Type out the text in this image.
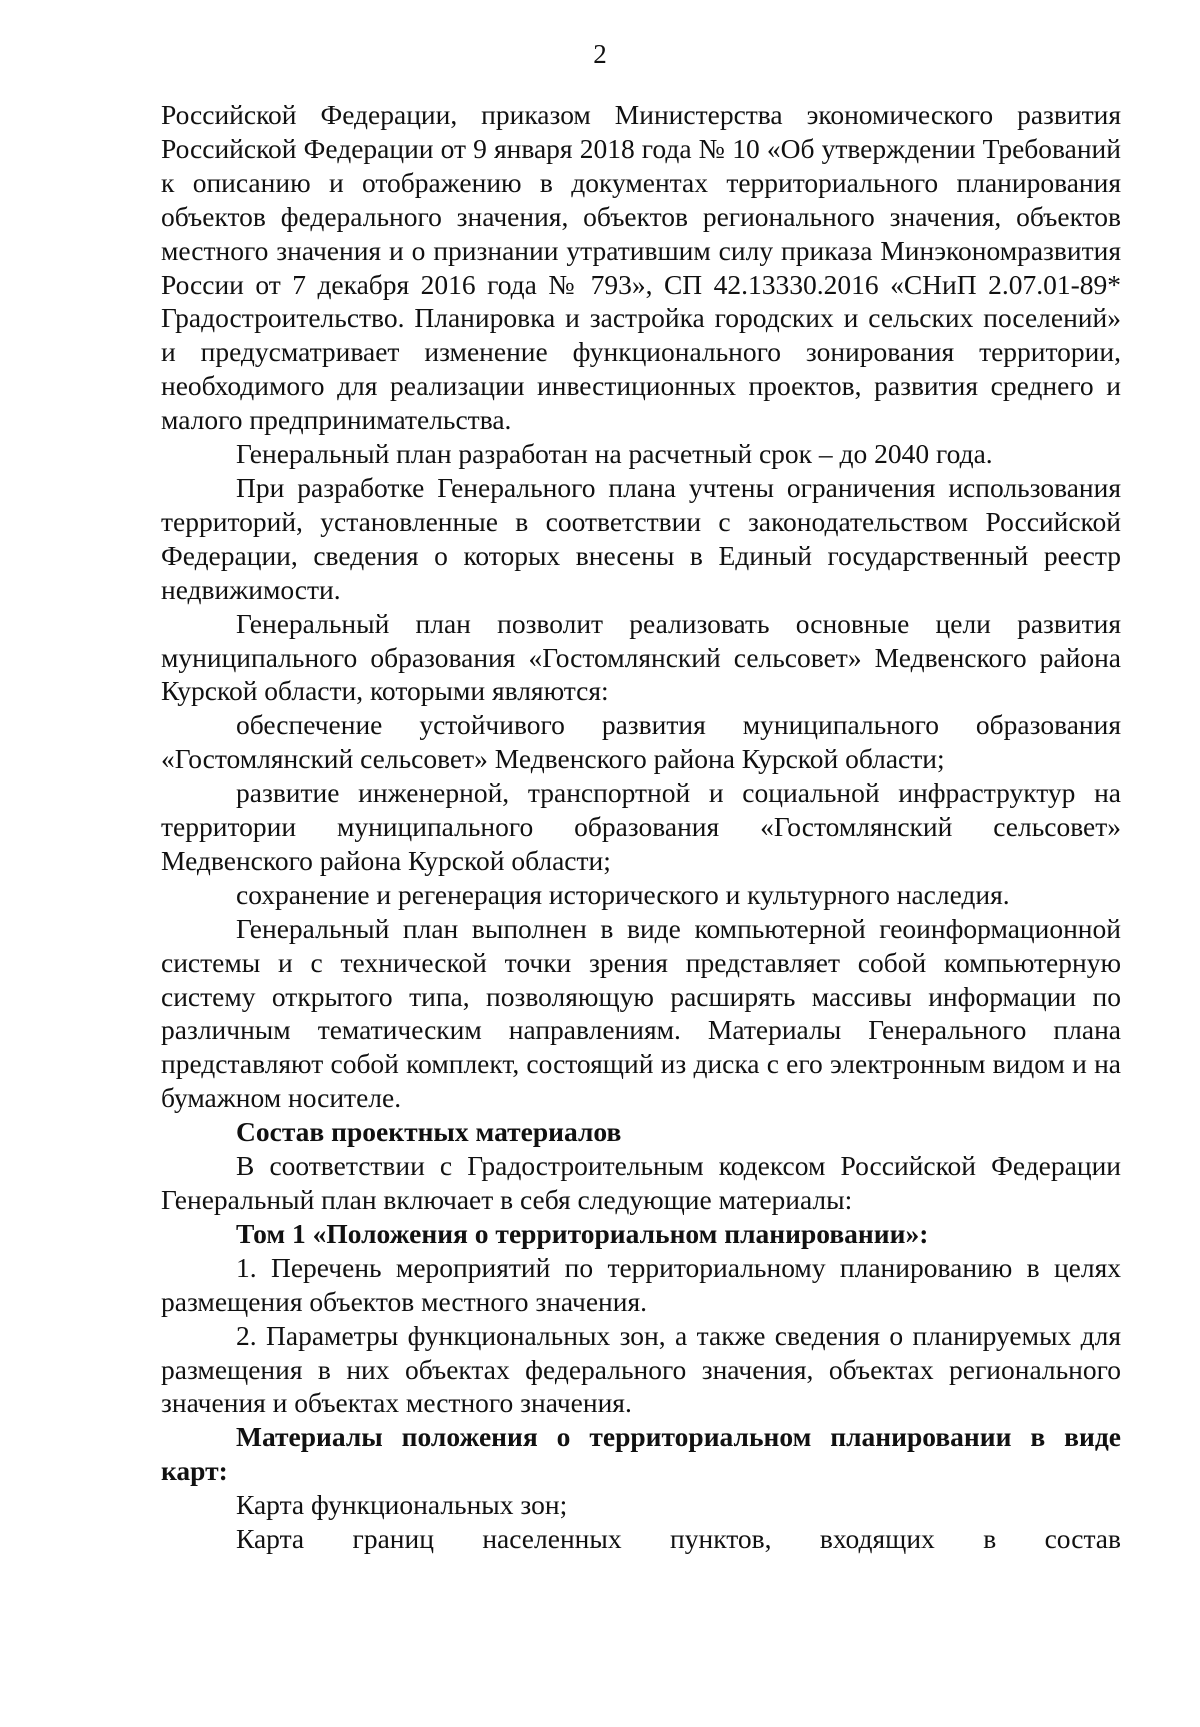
2

Российской Федерации, приказом Министерства экономического развития Российской Федерации от 9 января 2018 года № 10 «Об утверждении Требований к описанию и отображению в документах территориального планирования объектов федерального значения, объектов регионального значения, объектов местного значения и о признании утратившим силу приказа Минэкономразвития России от 7 декабря 2016 года № 793», СП 42.13330.2016 «СНиП 2.07.01-89* Градостроительство. Планировка и застройка городских и сельских поселений» и предусматривает изменение функционального зонирования территории, необходимого для реализации инвестиционных проектов, развития среднего и малого предпринимательства.

Генеральный план разработан на расчетный срок – до 2040 года.

При разработке Генерального плана учтены ограничения использования территорий, установленные в соответствии с законодательством Российской Федерации, сведения о которых внесены в Единый государственный реестр недвижимости.

Генеральный план позволит реализовать основные цели развития муниципального образования «Гостомлянский сельсовет» Медвенского района Курской области, которыми являются:

обеспечение устойчивого развития муниципального образования «Гостомлянский сельсовет» Медвенского района Курской области;

развитие инженерной, транспортной и социальной инфраструктур на территории муниципального образования «Гостомлянский сельсовет» Медвенского района Курской области;

сохранение и регенерация исторического и культурного наследия.

Генеральный план выполнен в виде компьютерной геоинформационной системы и с технической точки зрения представляет собой компьютерную систему открытого типа, позволяющую расширять массивы информации по различным тематическим направлениям. Материалы Генерального плана представляют собой комплект, состоящий из диска с его электронным видом и на бумажном носителе.

Состав проектных материалов

В соответствии с Градостроительным кодексом Российской Федерации Генеральный план включает в себя следующие материалы:

Том 1 «Положения о территориальном планировании»:

1. Перечень мероприятий по территориальному планированию в целях размещения объектов местного значения.

2. Параметры функциональных зон, а также сведения о планируемых для размещения в них объектах федерального значения, объектах регионального значения и объектах местного значения.

Материалы положения о территориальном планировании в виде карт:

Карта функциональных зон;

Карта границ населенных пунктов, входящих в состав
